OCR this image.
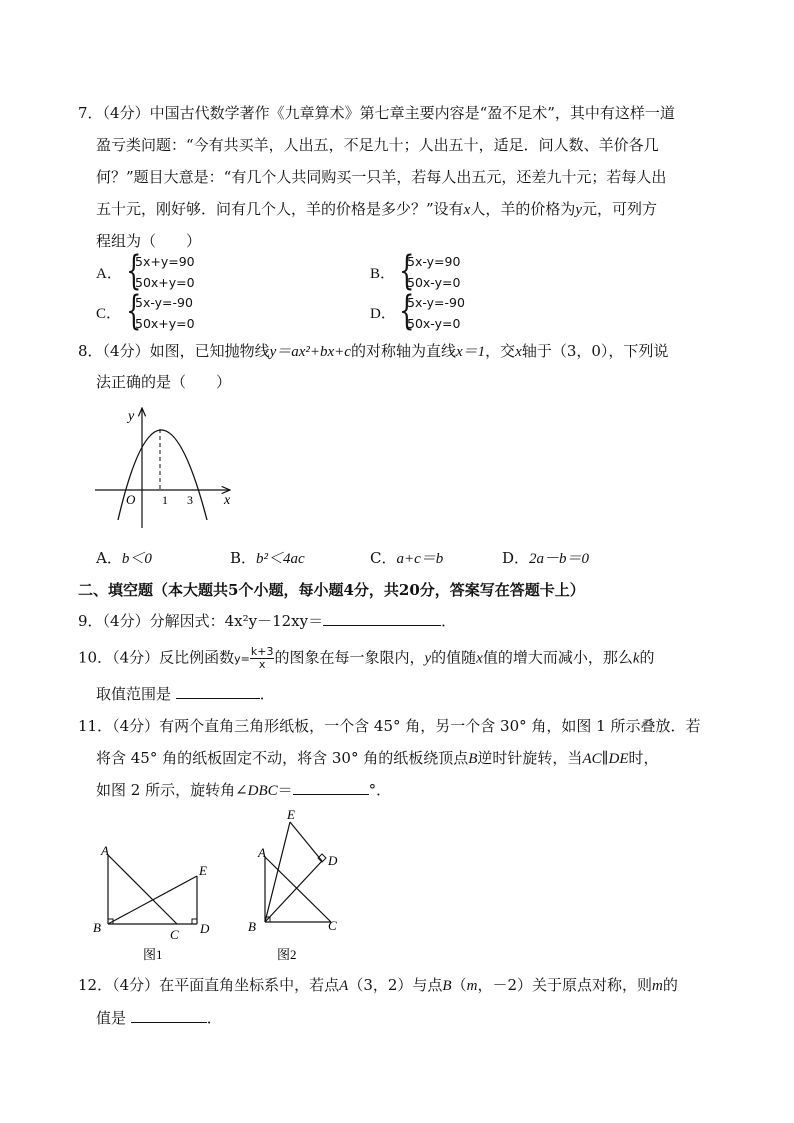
7．（4分）中国古代数学著作《九章算术》第七章主要内容是“盈不足术”，其中有这样一道
盈亏类问题：“今有共买羊，人出五，不足九十；人出五十，适足．问人数、羊价各几
何？”题目大意是：“有几个人共同购买一只羊，若每人出五元，还差九十元；若每人出
五十元，刚好够．问有几个人，羊的价格是多少？”设有x人，羊的价格为y元，可列方
程组为（　　）
A． {
5x+y=90
50x+y=0
B． {
5x-y=90
50x-y=0
C． {
5x-y=-90
50x+y=0
D． {
5x-y=-90
50x-y=0
8．（4分）如图，已知抛物线y＝ax²+bx+c的对称轴为直线x＝1，交x轴于（3，0），下列说
法正确的是（　　）
y
x
O 1 3
A．b＜0	B．b²＜4ac	C．a+c＝b	D．2a－b＝0
二、填空题（本大题共5个小题，每小题4分，共20分，答案写在答题卡上）
9．（4分）分解因式：4x²y－12xy＝	．
10．（4分）反比例函数$y= \frac{k+3}{x}$ 的图象在每一象限内，y的值随x值的增大而减小，那么k的
取值范围是	．
11．（4分）有两个直角三角形纸板，一个含 45° 角，另一个含 30° 角，如图 1 所示叠放．若
将含 45° 角的纸板固定不动，将含 30° 角的纸板绕顶点B逆时针旋转，当AC∥DE时，
如图 2 所示，旋转角∠DBC＝	°．
A
B	C D
E
图1
A
B	C
D
E
图2
12．（4分）在平面直角坐标系中，若点A（3，2）与点B（m，－2）关于原点对称，则m的
值是	．
